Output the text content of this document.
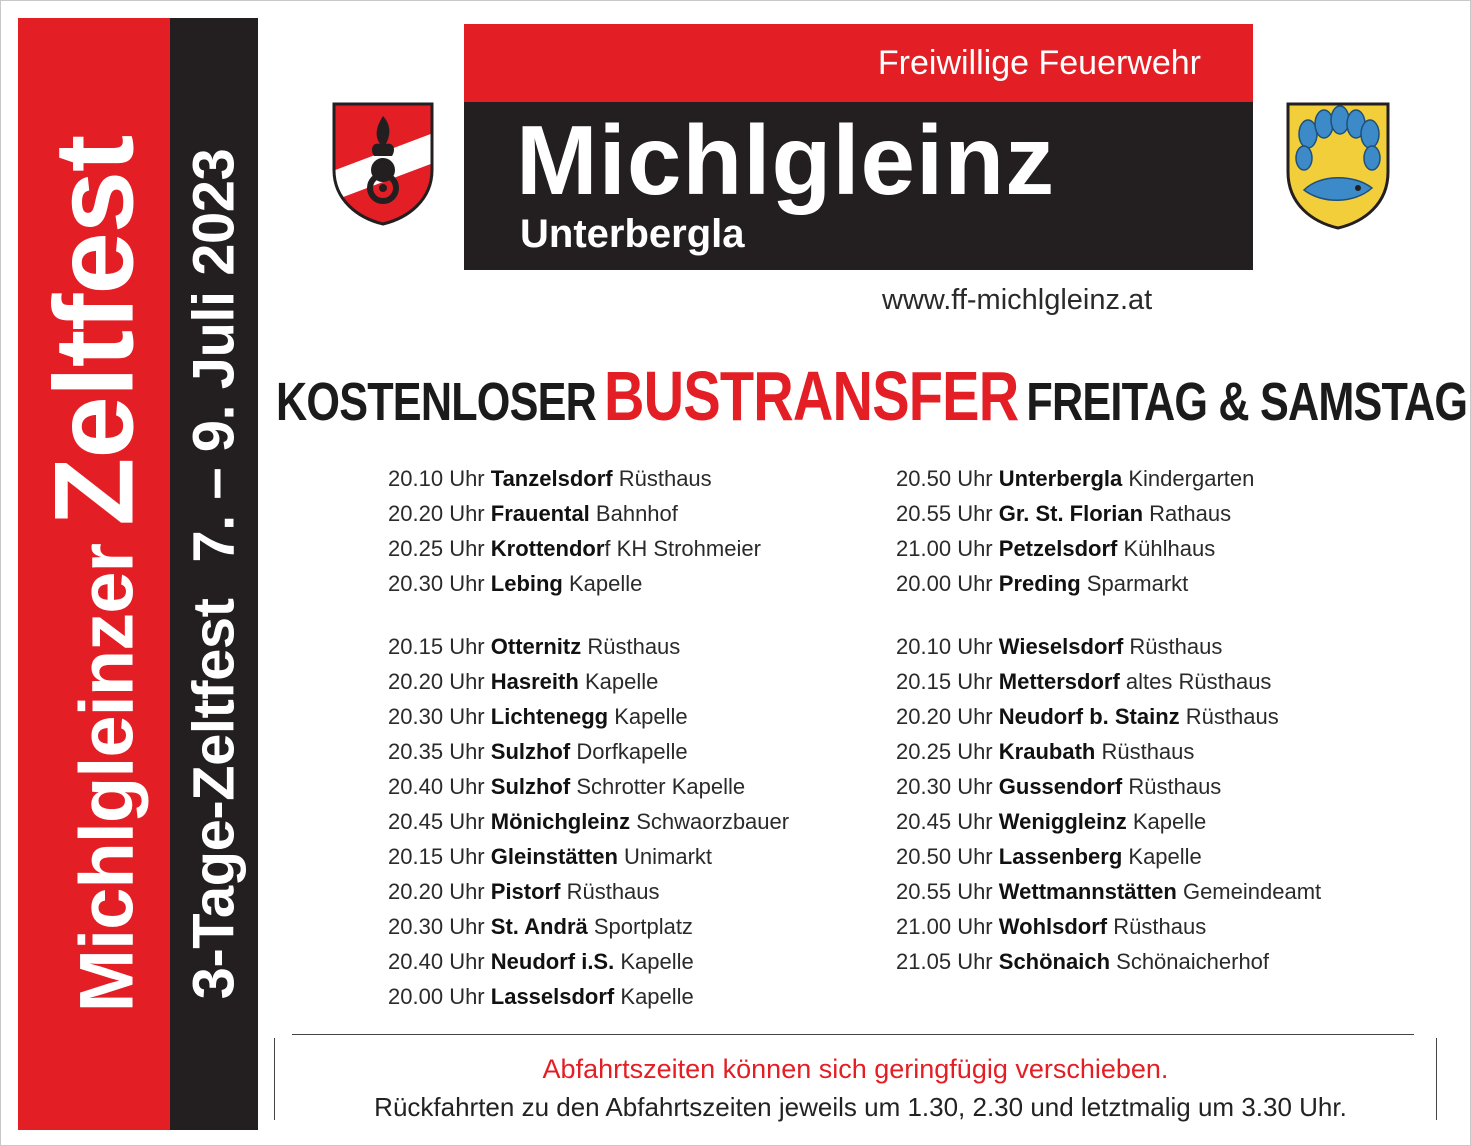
MichlgleinzerZeltfest
3-Tage-Zeltfest7. – 9. Juli 2023
Freiwillige Feuerwehr
Michlgleinz
Unterbergla
www.ff-michlgleinz.at
KOSTENLOSER BUSTRANSFER FREITAG & SAMSTAG
20.10 Uhr Tanzelsdorf Rüsthaus
20.20 Uhr Frauental Bahnhof
20.25 Uhr Krottendorf KH Strohmeier
20.30 Uhr Lebing Kapelle
20.15 Uhr Otternitz Rüsthaus
20.20 Uhr Hasreith Kapelle
20.30 Uhr Lichtenegg Kapelle
20.35 Uhr Sulzhof Dorfkapelle
20.40 Uhr Sulzhof Schrotter Kapelle
20.45 Uhr Mönichgleinz Schwaorzbauer
20.15 Uhr Gleinstätten Unimarkt
20.20 Uhr Pistorf Rüsthaus
20.30 Uhr St. Andrä Sportplatz
20.40 Uhr Neudorf i.S. Kapelle
20.00 Uhr Lasselsdorf Kapelle
20.50 Uhr Unterbergla Kindergarten
20.55 Uhr Gr. St. Florian Rathaus
21.00 Uhr Petzelsdorf Kühlhaus
20.00 Uhr Preding Sparmarkt
20.10 Uhr Wieselsdorf Rüsthaus
20.15 Uhr Mettersdorf altes Rüsthaus
20.20 Uhr Neudorf b. Stainz Rüsthaus
20.25 Uhr Kraubath Rüsthaus
20.30 Uhr Gussendorf Rüsthaus
20.45 Uhr Weniggleinz Kapelle
20.50 Uhr Lassenberg Kapelle
20.55 Uhr Wettmannstätten Gemeindeamt
21.00 Uhr Wohlsdorf Rüsthaus
21.05 Uhr Schönaich Schönaicherhof
Abfahrtszeiten können sich geringfügig verschieben.
Rückfahrten zu den Abfahrtszeiten jeweils um 1.30, 2.30 und letztmalig um 3.30 Uhr.
